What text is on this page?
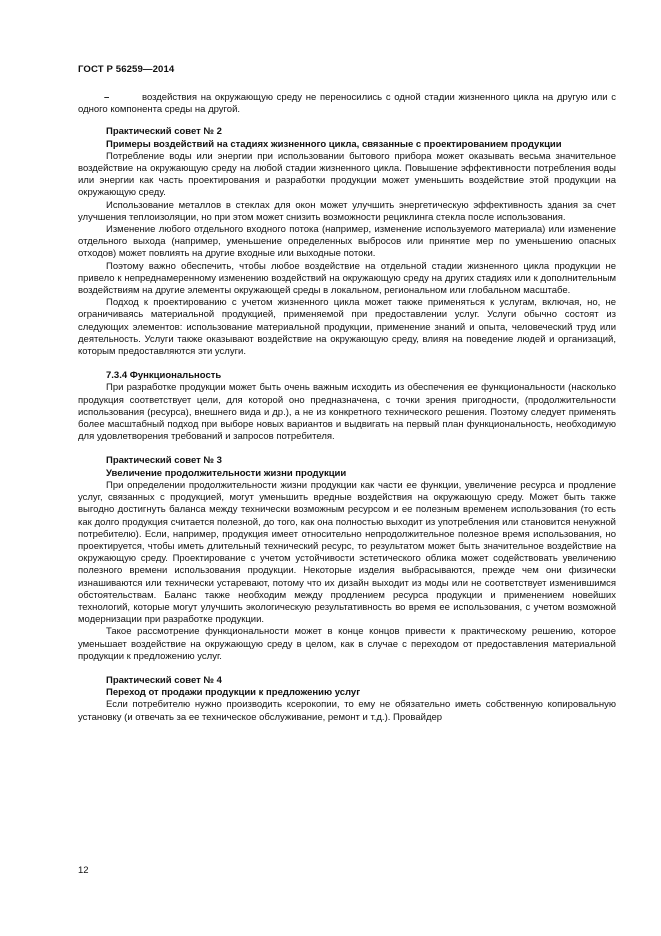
ГОСТ Р 56259—2014
–	воздействия на окружающую среду не переносились с одной стадии жизненного цикла на другую или с одного компонента среды на другой.

Практический совет № 2

Примеры воздействий на стадиях жизненного цикла, связанные с проектированием продукции

Потребление воды или энергии при использовании бытового прибора может оказывать весьма значительное воздействие на окружающую среду на любой стадии жизненного цикла. Повышение эффективности потребления воды или энергии как часть проектирования и разработки продукции может уменьшить воздействие этой продукции на окружающую среду.

Использование металлов в стеклах для окон может улучшить энергетическую эффективность здания за счет улучшения теплоизоляции, но при этом может снизить возможности рециклинга стекла после использования.

Изменение любого отдельного входного потока (например, изменение используемого материала) или изменение отдельного выхода (например, уменьшение определенных выбросов или принятие мер по уменьшению опасных отходов) может повлиять на другие входные или выходные потоки.

Поэтому важно обеспечить, чтобы любое воздействие на отдельной стадии жизненного цикла продукции не привело к непреднамеренному изменению воздействий на окружающую среду на других стадиях или к дополнительным воздействиям на другие элементы окружающей среды в локальном, региональном или глобальном масштабе.

Подход к проектированию с учетом жизненного цикла может также применяться к услугам, включая, но, не ограничиваясь материальной продукцией, применяемой при предоставлении услуг. Услуги обычно состоят из следующих элементов: использование материальной продукции, применение знаний и опыта, человеческий труд или деятельность. Услуги также оказывают воздействие на окружающую среду, влияя на поведение людей и организаций, которым предоставляются эти услуги.

7.3.4 Функциональность

При разработке продукции может быть очень важным исходить из обеспечения ее функциональности (насколько продукция соответствует цели, для которой оно предназначена, с точки зрения пригодности, (продолжительности использования (ресурса), внешнего вида и др.), а не из конкретного технического решения. Поэтому следует применять более масштабный подход при выборе новых вариантов и выдвигать на первый план функциональность, необходимую для удовлетворения требований и запросов потребителя.

Практический совет № 3

Увеличение продолжительности жизни продукции

При определении продолжительности жизни продукции как части ее функции, увеличение ресурса и продление услуг, связанных с продукцией, могут уменьшить вредные воздействия на окружающую среду. Может быть также выгодно достигнуть баланса между технически возможным ресурсом и ее полезным временем использования (то есть как долго продукция считается полезной, до того, как она полностью выходит из употребления или становится ненужной потребителю). Если, например, продукция имеет относительно непродолжительное полезное время использования, но проектируется, чтобы иметь длительный технический ресурс, то результатом может быть значительное воздействие на окружающую среду. Проектирование с учетом устойчивости эстетического облика может содействовать увеличению полезного времени использования продукции. Некоторые изделия выбрасываются, прежде чем они физически изнашиваются или технически устаревают, потому что их дизайн выходит из моды или не соответствует изменившимся обстоятельствам. Баланс также необходим между продлением ресурса продукции и применением новейших технологий, которые могут улучшить экологическую результативность во время ее использования, с учетом возможной модернизации при разработке продукции.

Такое рассмотрение функциональности может в конце концов привести к практическому решению, которое уменьшает воздействие на окружающую среду в целом, как в случае с переходом от предоставления материальной продукции к предложению услуг.

Практический совет № 4

Переход от продажи продукции к предложению услуг

Если потребителю нужно производить ксерокопии, то ему не обязательно иметь собственную копировальную установку (и отвечать за ее техническое обслуживание, ремонт и т.д.). Провайдер

12
